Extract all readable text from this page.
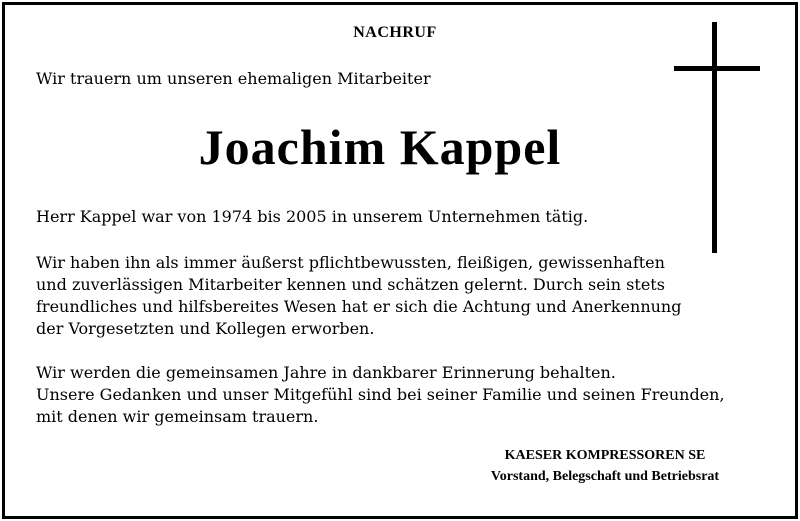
NACHRUF
Wir trauern um unseren ehemaligen Mitarbeiter
Joachim Kappel
Herr Kappel war von 1974 bis 2005 in unserem Unternehmen tätig.
Wir haben ihn als immer äußerst pflichtbewussten, fleißigen, gewissenhaften
und zuverlässigen Mitarbeiter kennen und schätzen gelernt. Durch sein stets
freundliches und hilfsbereites Wesen hat er sich die Achtung und Anerkennung
der Vorgesetzten und Kollegen erworben.
Wir werden die gemeinsamen Jahre in dankbarer Erinnerung behalten.
Unsere Gedanken und unser Mitgefühl sind bei seiner Familie und seinen Freunden,
mit denen wir gemeinsam trauern.
KAESER KOMPRESSOREN SE
Vorstand, Belegschaft und Betriebsrat
